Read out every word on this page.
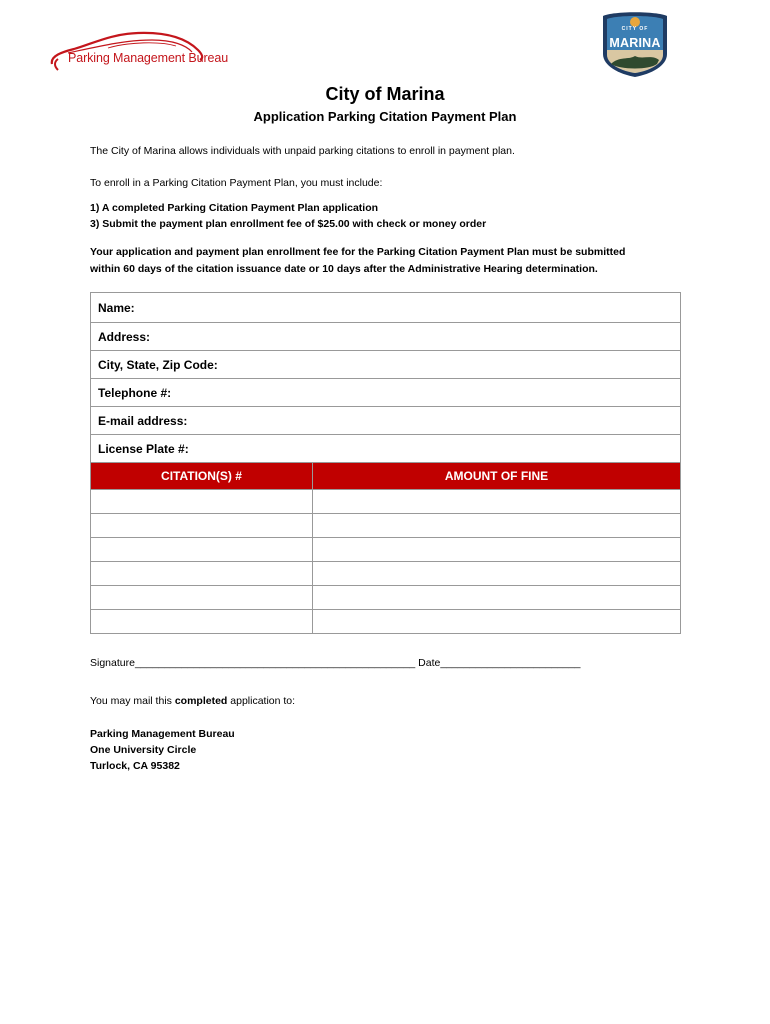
Parking Management Bureau
CITY OF
MARINA
City of Marina
Application Parking Citation Payment Plan
The City of Marina allows individuals with unpaid parking citations to enroll in payment plan.
To enroll in a Parking Citation Payment Plan, you must include:
1) A completed Parking Citation Payment Plan application
3) Submit the payment plan enrollment fee of $25.00 with check or money order
Your application and payment plan enrollment fee for the Parking Citation Payment Plan must be submitted
within 60 days of the citation issuance date or 10 days after the Administrative Hearing determination.
Name:	
Address:	
City, State, Zip Code:	
Telephone #:	
E-mail address:	
License Plate #:	
CITATION(S) #	AMOUNT OF FINE

Signature________________________________________________ Date________________________
You may mail this completed application to:
Parking Management Bureau
One University Circle
Turlock, CA 95382
